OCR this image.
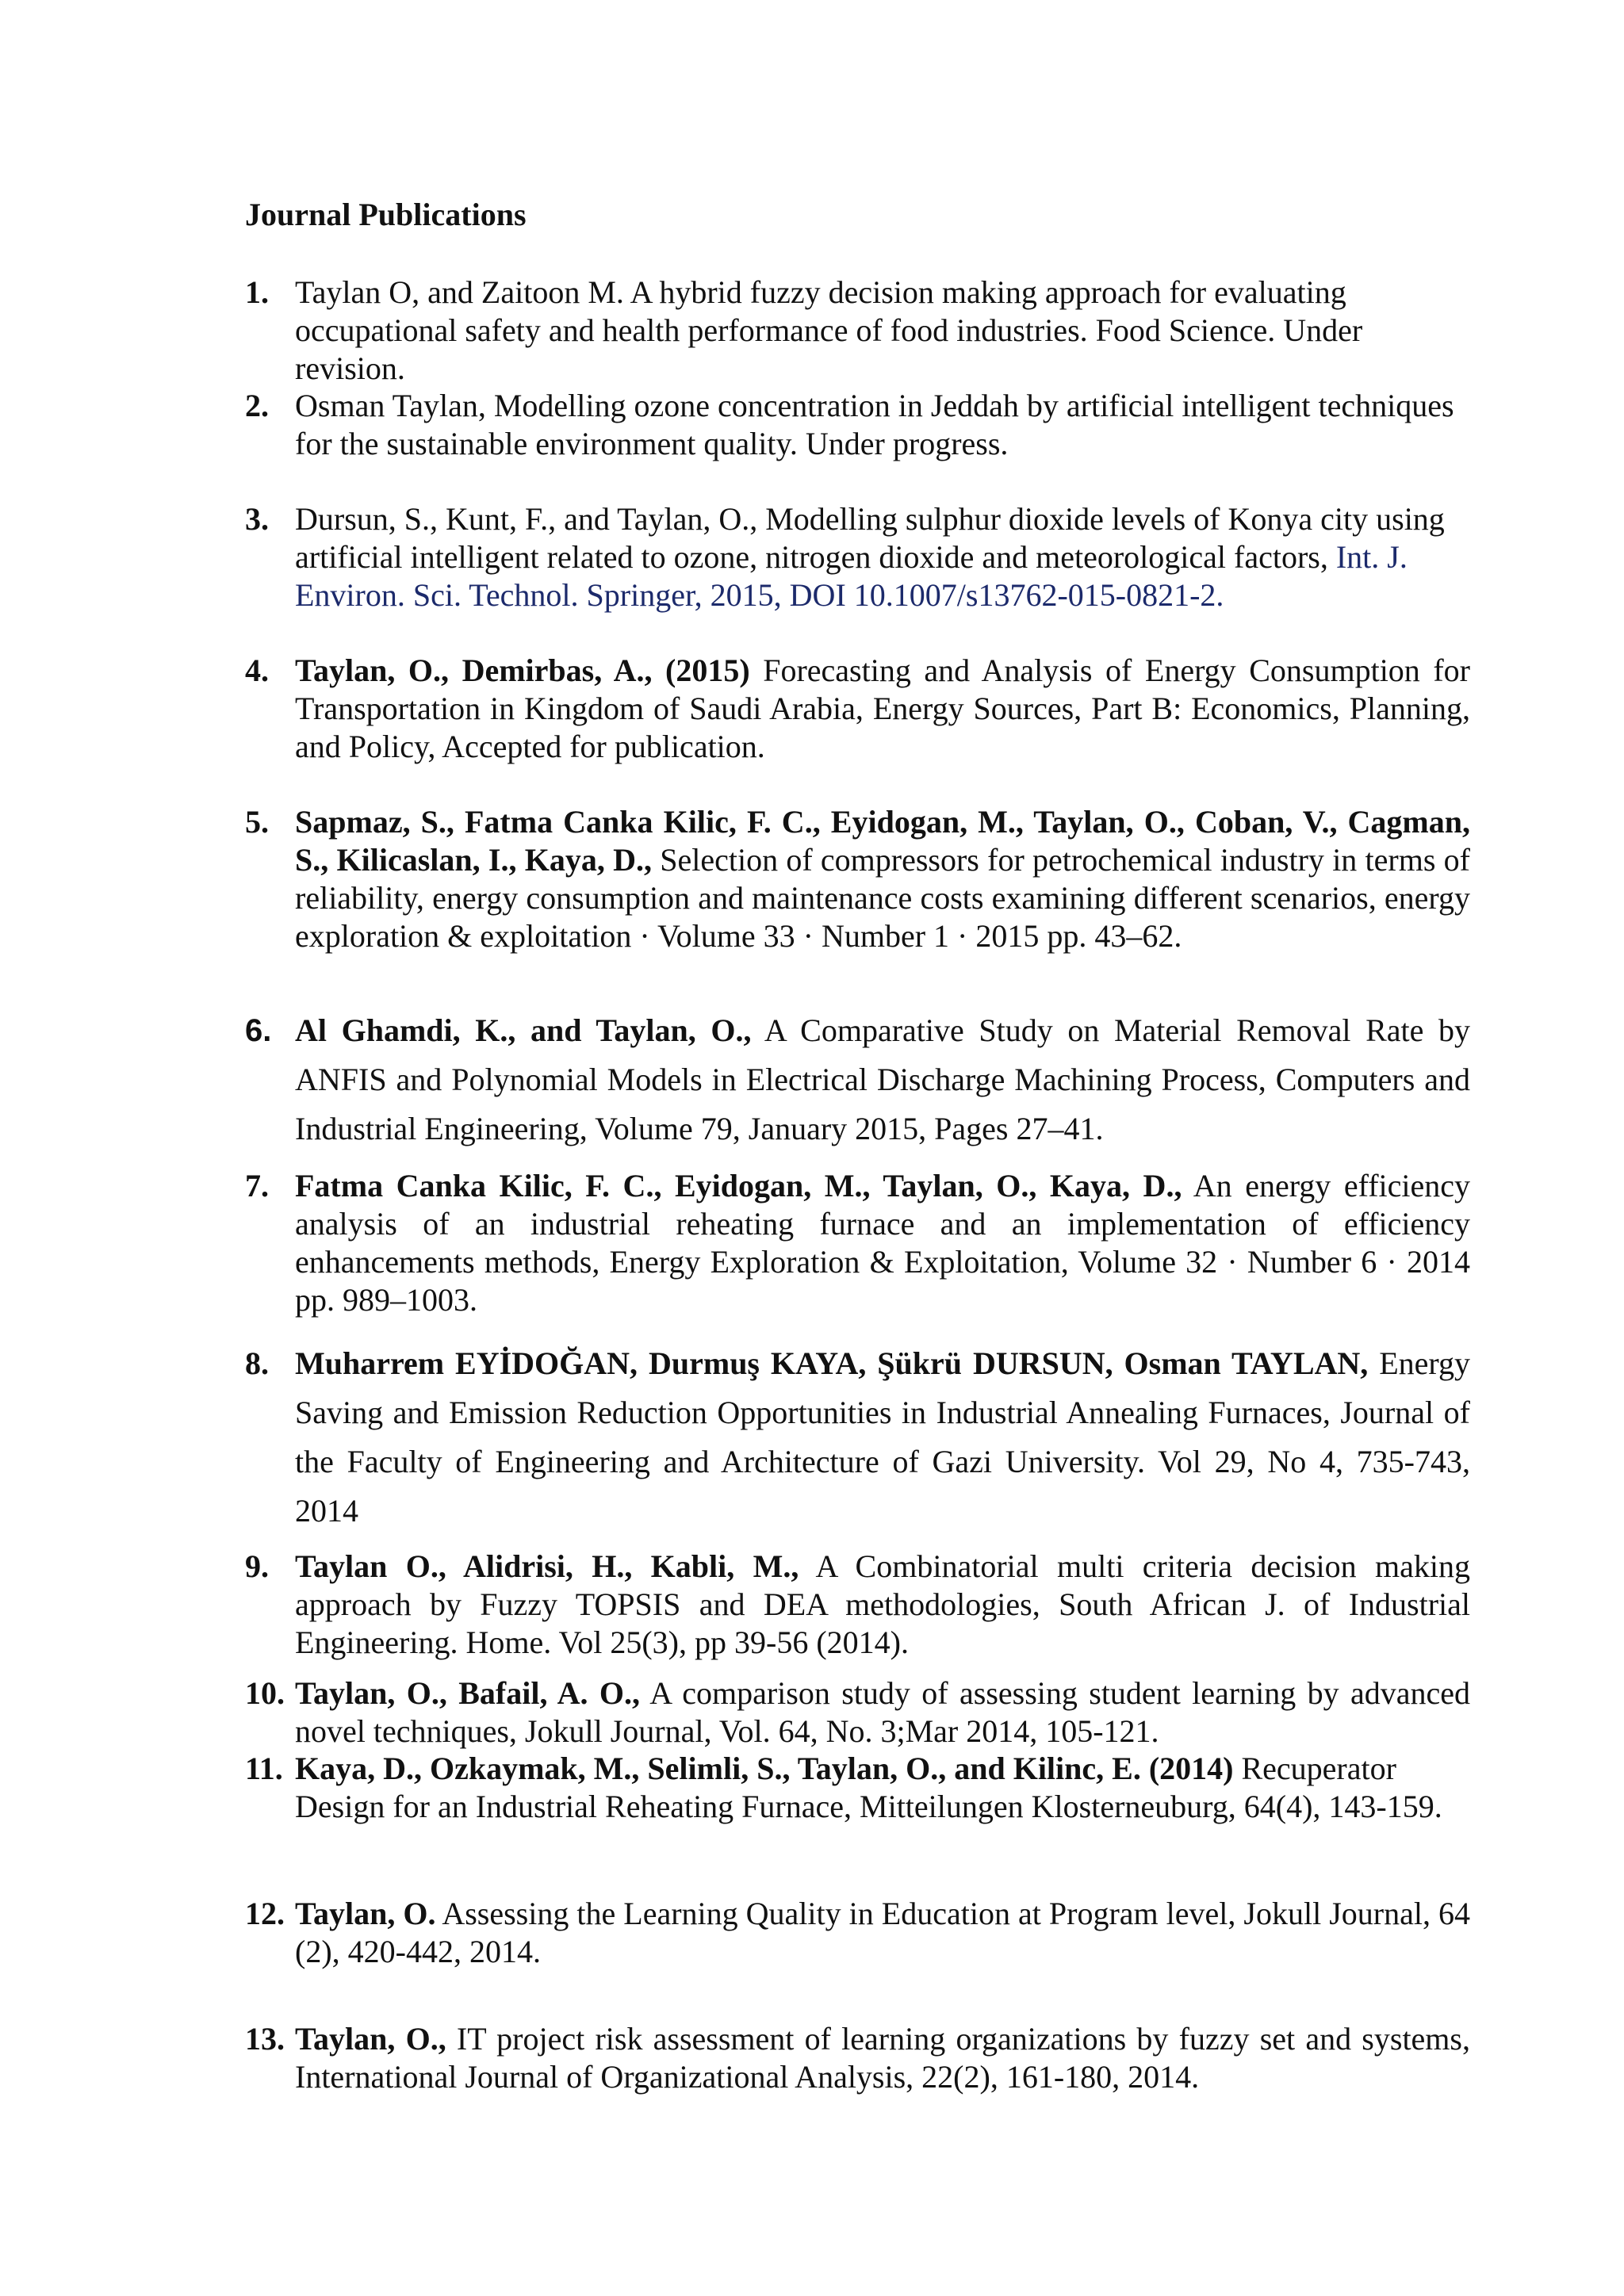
Journal Publications
1. Taylan O, and Zaitoon M. A hybrid fuzzy decision making approach for evaluating occupational safety and health performance of food industries. Food Science. Under revision.
2. Osman Taylan, Modelling ozone concentration in Jeddah by artificial intelligent techniques for the sustainable environment quality. Under progress.
3. Dursun, S., Kunt, F., and Taylan, O., Modelling sulphur dioxide levels of Konya city using artificial intelligent related to ozone, nitrogen dioxide and meteorological factors, Int. J. Environ. Sci. Technol. Springer, 2015, DOI 10.1007/s13762-015-0821-2.
4. Taylan, O., Demirbas, A., (2015) Forecasting and Analysis of Energy Consumption for Transportation in Kingdom of Saudi Arabia, Energy Sources, Part B: Economics, Planning, and Policy, Accepted for publication.
5. Sapmaz, S., Fatma Canka Kilic, F. C., Eyidogan, M., Taylan, O., Coban, V., Cagman, S., Kilicaslan, I., Kaya, D., Selection of compressors for petrochemical industry in terms of reliability, energy consumption and maintenance costs examining different scenarios, energy exploration & exploitation · Volume 33 · Number 1 · 2015 pp. 43–62.
6. Al Ghamdi, K., and Taylan, O., A Comparative Study on Material Removal Rate by ANFIS and Polynomial Models in Electrical Discharge Machining Process, Computers and Industrial Engineering, Volume 79, January 2015, Pages 27–41.
7. Fatma Canka Kilic, F. C., Eyidogan, M., Taylan, O., Kaya, D., An energy efficiency analysis of an industrial reheating furnace and an implementation of efficiency enhancements methods, Energy Exploration & Exploitation, Volume 32 · Number 6 · 2014 pp. 989–1003.
8. Muharrem EYİDOĞAN, Durmuş KAYA, Şükrü DURSUN, Osman TAYLAN, Energy Saving and Emission Reduction Opportunities in Industrial Annealing Furnaces, Journal of the Faculty of Engineering and Architecture of Gazi University. Vol 29, No 4, 735-743, 2014
9. Taylan O., Alidrisi, H., Kabli, M., A Combinatorial multi criteria decision making approach by Fuzzy TOPSIS and DEA methodologies, South African J. of Industrial Engineering. Home. Vol 25(3), pp 39-56 (2014).
10. Taylan, O., Bafail, A. O., A comparison study of assessing student learning by advanced novel techniques, Jokull Journal, Vol. 64, No. 3;Mar 2014, 105-121.
11. Kaya, D., Ozkaymak, M., Selimli, S., Taylan, O., and Kilinc, E. (2014) Recuperator Design for an Industrial Reheating Furnace, Mitteilungen Klosterneuburg, 64(4), 143-159.
12. Taylan, O. Assessing the Learning Quality in Education at Program level, Jokull Journal, 64 (2), 420-442, 2014.
13. Taylan, O., IT project risk assessment of learning organizations by fuzzy set and systems, International Journal of Organizational Analysis, 22(2), 161-180, 2014.
